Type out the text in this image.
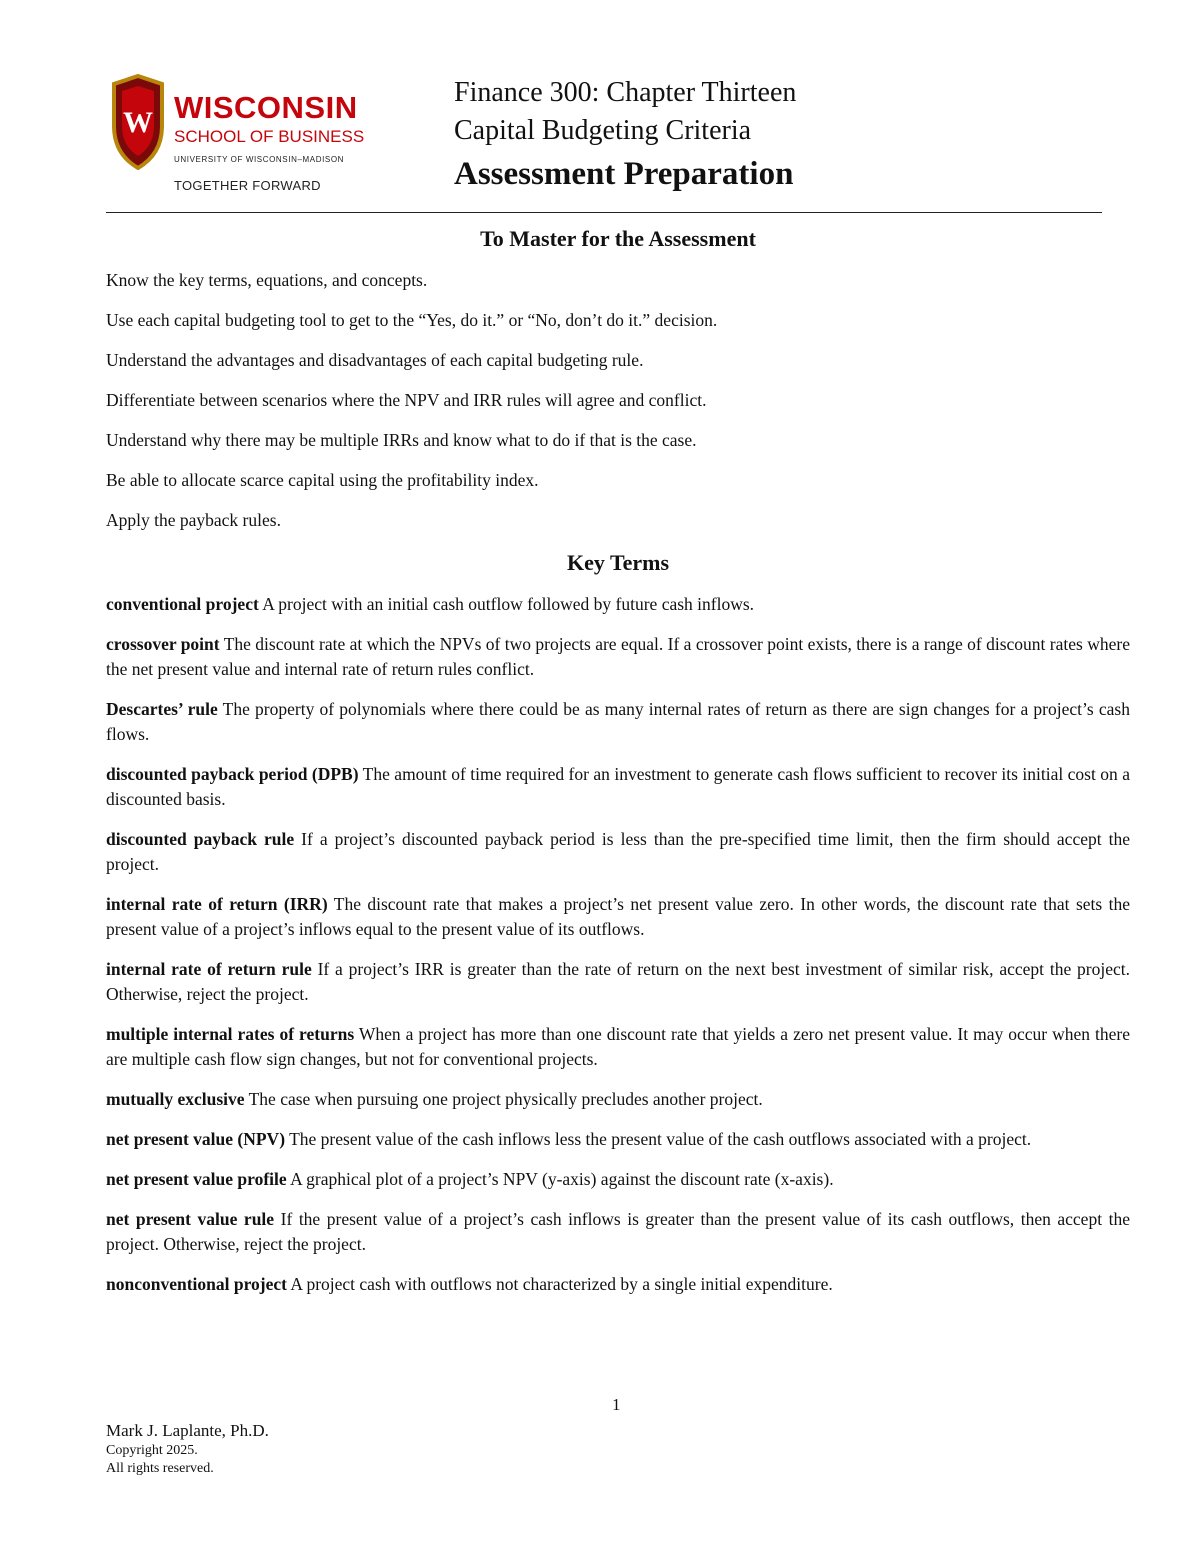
W WISCONSIN
SCHOOL OF BUSINESS
UNIVERSITY OF WISCONSIN–MADISON
TOGETHER FORWARD
Finance 300: Chapter Thirteen
Capital Budgeting Criteria
Assessment Preparation
To Master for the Assessment

Know the key terms, equations, and concepts.

Use each capital budgeting tool to get to the “Yes, do it.” or “No, don’t do it.” decision.

Understand the advantages and disadvantages of each capital budgeting rule.

Differentiate between scenarios where the NPV and IRR rules will agree and conflict.

Understand why there may be multiple IRRs and know what to do if that is the case.

Be able to allocate scarce capital using the profitability index.

Apply the payback rules.

Key Terms

conventional project A project with an initial cash outflow followed by future cash inflows.

crossover point The discount rate at which the NPVs of two projects are equal. If a crossover point exists, there is a range of discount rates where the net present value and internal rate of return rules conflict.

Descartes’ rule The property of polynomials where there could be as many internal rates of return as there are sign changes for a project’s cash flows.

discounted payback period (DPB) The amount of time required for an investment to generate cash flows sufficient to recover its initial cost on a discounted basis.

discounted payback rule If a project’s discounted payback period is less than the pre-specified time limit, then the firm should accept the project.

internal rate of return (IRR) The discount rate that makes a project’s net present value zero. In other words, the discount rate that sets the present value of a project’s inflows equal to the present value of its outflows.

internal rate of return rule If a project’s IRR is greater than the rate of return on the next best investment of similar risk, accept the project. Otherwise, reject the project.

multiple internal rates of returns When a project has more than one discount rate that yields a zero net present value. It may occur when there are multiple cash flow sign changes, but not for conventional projects.

mutually exclusive The case when pursuing one project physically precludes another project.

net present value (NPV) The present value of the cash inflows less the present value of the cash outflows associated with a project.

net present value profile A graphical plot of a project’s NPV (y-axis) against the discount rate (x-axis).

net present value rule If the present value of a project’s cash inflows is greater than the present value of its cash outflows, then accept the project. Otherwise, reject the project.

nonconventional project A project cash with outflows not characterized by a single initial expenditure.

1
Mark J. Laplante, Ph.D.
Copyright 2025.
All rights reserved.
